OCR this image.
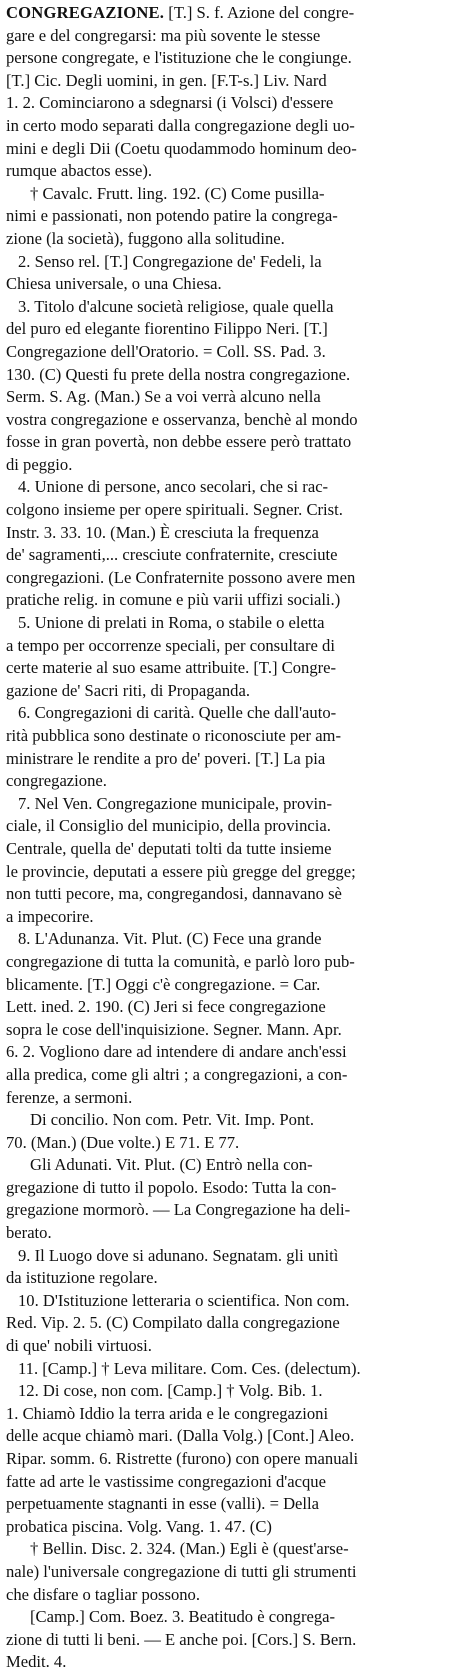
CONGREGAZIONE. [T.] S. f. Azione del congre-
gare e del congregarsi: ma più sovente le stesse
persone congregate, e l'istituzione che le congiunge.
[T.] Cic. Degli uomini, in gen. [F.T-s.] Liv. Nard
1. 2. Cominciarono a sdegnarsi (i Volsci) d'essere
in certo modo separati dalla congregazione degli uo-
mini e degli Dii (Coetu quodammodo hominum deo-
rumque abactos esse).
† Cavalc. Frutt. ling. 192. (C) Come pusilla-
nimi e passionati, non potendo patire la congrega-
zione (la società), fuggono alla solitudine.
2. Senso rel. [T.] Congregazione de' Fedeli, la
Chiesa universale, o una Chiesa.
3. Titolo d'alcune società religiose, quale quella
del puro ed elegante fiorentino Filippo Neri. [T.]
Congregazione dell'Oratorio. = Coll. SS. Pad. 3.
130. (C) Questi fu prete della nostra congregazione.
Serm. S. Ag. (Man.) Se a voi verrà alcuno nella
vostra congregazione e osservanza, benchè al mondo
fosse in gran povertà, non debbe essere però trattato
di peggio.
4. Unione di persone, anco secolari, che si rac-
colgono insieme per opere spirituali. Segner. Crist.
Instr. 3. 33. 10. (Man.) È cresciuta la frequenza
de' sagramenti,... cresciute confraternite, cresciute
congregazioni. (Le Confraternite possono avere men
pratiche relig. in comune e più varii uffizi sociali.)
5. Unione di prelati in Roma, o stabile o eletta
a tempo per occorrenze speciali, per consultare di
certe materie al suo esame attribuite. [T.] Congre-
gazione de' Sacri riti, di Propaganda.
6. Congregazioni di carità. Quelle che dall'auto-
rità pubblica sono destinate o riconosciute per am-
ministrare le rendite a pro de' poveri. [T.] La pia
congregazione.
7. Nel Ven. Congregazione municipale, provin-
ciale, il Consiglio del municipio, della provincia.
Centrale, quella de' deputati tolti da tutte insieme
le provincie, deputati a essere più gregge del gregge;
non tutti pecore, ma, congregandosi, dannavano sè
a impecorire.
8. L'Adunanza. Vit. Plut. (C) Fece una grande
congregazione di tutta la comunità, e parlò loro pub-
blicamente. [T.] Oggi c'è congregazione. = Car.
Lett. ined. 2. 190. (C) Jeri si fece congregazione
sopra le cose dell'inquisizione. Segner. Mann. Apr.
6. 2. Vogliono dare ad intendere di andare anch'essi
alla predica, come gli altri ; a congregazioni, a con-
ferenze, a sermoni.
Di concilio. Non com. Petr. Vit. Imp. Pont.
70. (Man.) (Due volte.) E 71. E 77.
Gli Adunati. Vit. Plut. (C) Entrò nella con-
gregazione di tutto il popolo. Esodo: Tutta la con-
gregazione mormorò. — La Congregazione ha deli-
berato.
9. Il Luogo dove si adunano. Segnatam. gli unitì
da istituzione regolare.
10. D'Istituzione letteraria o scientifica. Non com.
Red. Vip. 2. 5. (C) Compilato dalla congregazione
di que' nobili virtuosi.
11. [Camp.] † Leva militare. Com. Ces. (delectum).
12. Di cose, non com. [Camp.] † Volg. Bib. 1.
1. Chiamò Iddio la terra arida e le congregazioni
delle acque chiamò mari. (Dalla Volg.) [Cont.] Aleo.
Ripar. somm. 6. Ristrette (furono) con opere manuali
fatte ad arte le vastissime congregazioni d'acque
perpetuamente stagnanti in esse (valli). = Della
probatica piscina. Volg. Vang. 1. 47. (C)
† Bellin. Disc. 2. 324. (Man.) Egli è (quest'arse-
nale) l'universale congregazione di tutti gli strumenti
che disfare o tagliar possono.
[Camp.] Com. Boez. 3. Beatitudo è congrega-
zione di tutti li beni. — E anche poi. [Cors.] S. Bern.
Medit. 4.
